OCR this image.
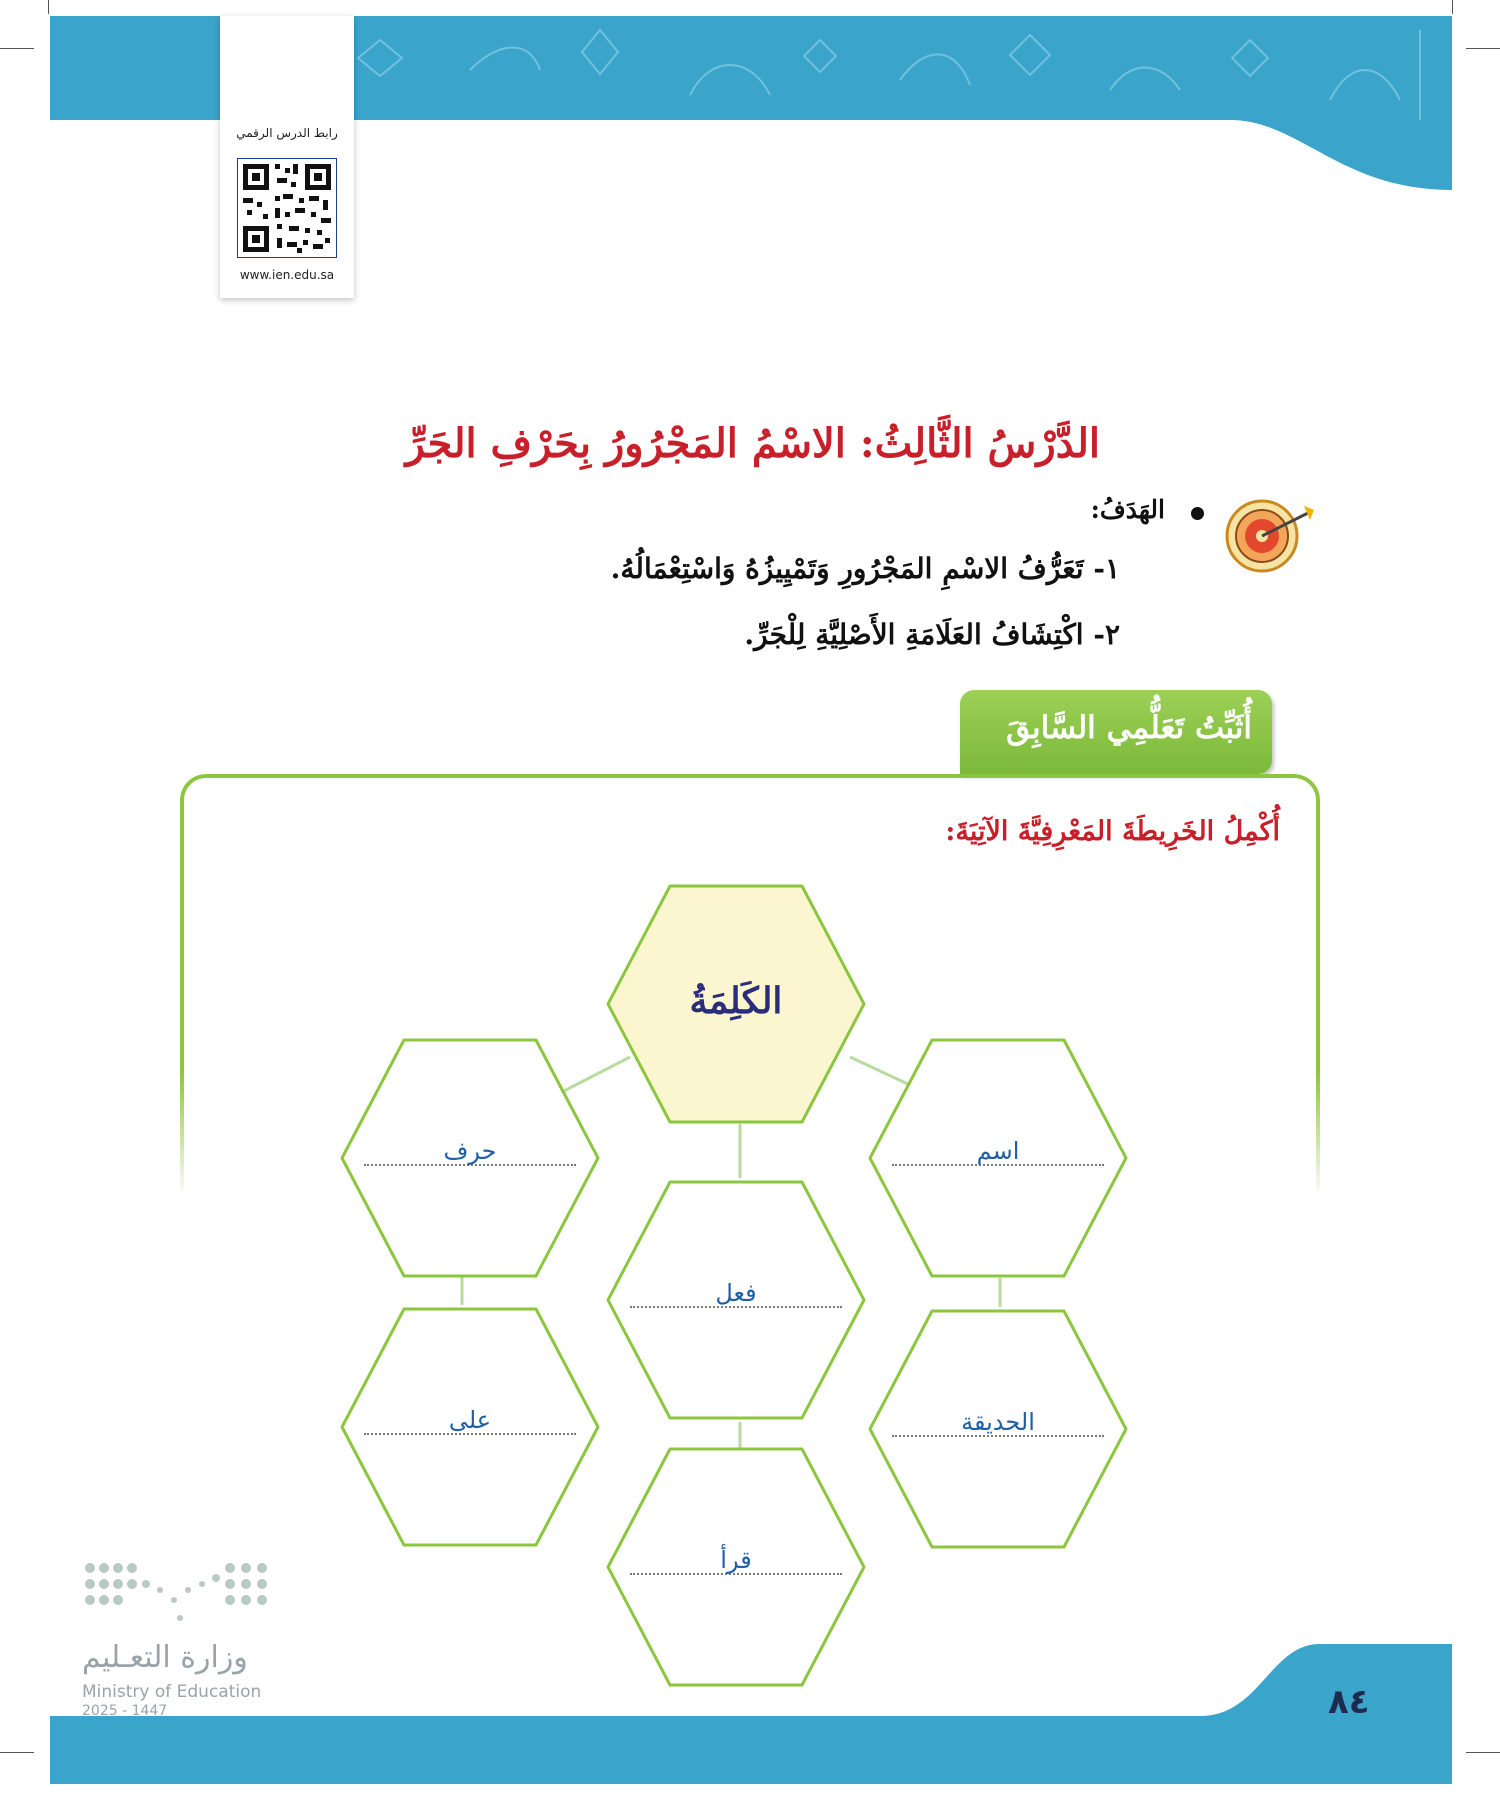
رابط الدرس الرقمي
www.ien.edu.sa
الدَّرْسُ الثَّالِثُ: الاسْمُ المَجْرُورُ بِحَرْفِ الجَرِّ
الهَدَفُ:
١- تَعَرُّفُ الاسْمِ المَجْرُورِ وَتَمْيِيزُهُ وَاسْتِعْمَالُهُ.
٢- اكْتِشَافُ العَلَامَةِ الأَصْلِيَّةِ لِلْجَرِّ.
أُثَبِّتُ تَعَلُّمِي السَّابِقَ
أُكْمِلُ الخَرِيطَةَ المَعْرِفِيَّةَ الآتِيَةَ:
الكَلِمَةُ
حرف	اسم
فعل
على	الحديقة
قرأ
٨٤
وزارة التعـليم
Ministry of Education
2025 - 1447
